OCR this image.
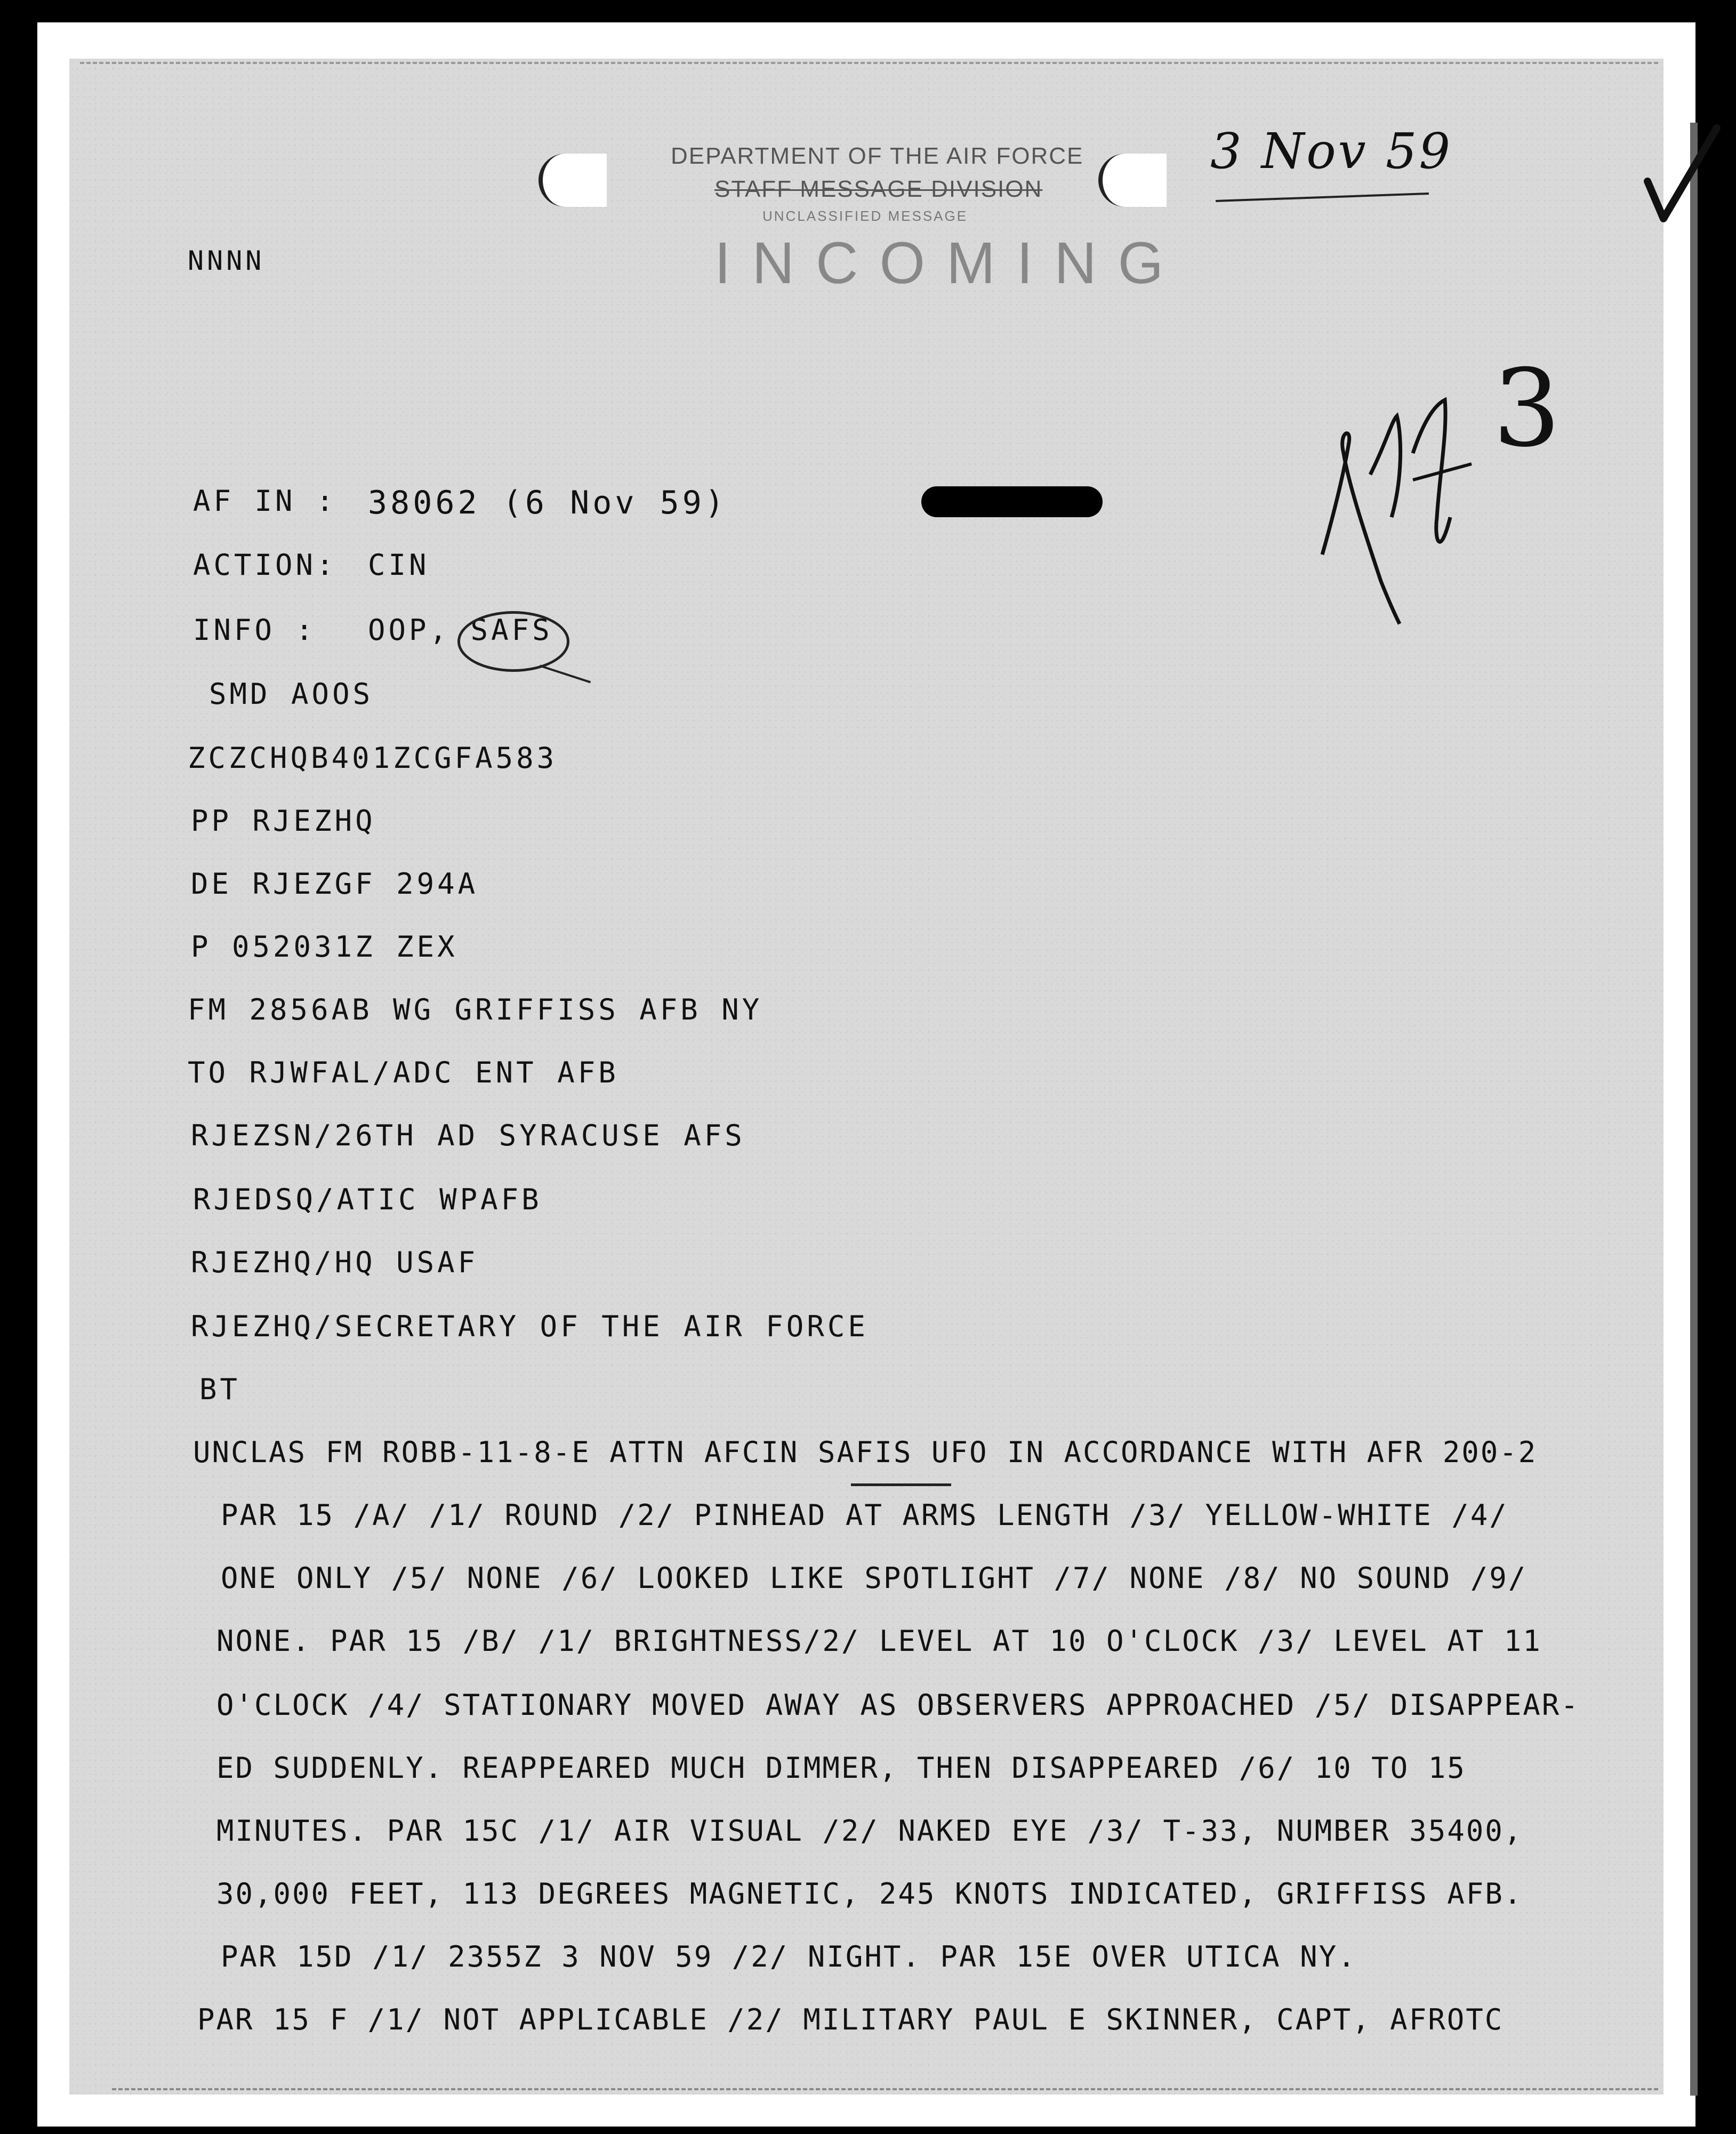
DEPARTMENT OF THE AIR FORCE
STAFF MESSAGE DIVISION
UNCLASSIFIED MESSAGE
INCOMING
3 Nov 59
3
NNNN
AF IN : 38062 (6 Nov 59)
ACTION: CIN
INFO : OOP, SAFS
SMD AOOS
ZCZCHQB401ZCGFA583
PP RJEZHQ
DE RJEZGF 294A
P 052031Z ZEX
FM 2856AB WG GRIFFISS AFB NY
TO RJWFAL/ADC ENT AFB
RJEZSN/26TH AD SYRACUSE AFS
RJEDSQ/ATIC WPAFB
RJEZHQ/HQ USAF
RJEZHQ/SECRETARY OF THE AIR FORCE
BT
UNCLAS FM ROBB-11-8-E ATTN AFCIN SAFIS UFO IN ACCORDANCE WITH AFR 200-2
PAR 15 /A/ /1/ ROUND /2/ PINHEAD AT ARMS LENGTH /3/ YELLOW-WHITE /4/
ONE ONLY /5/ NONE /6/ LOOKED LIKE SPOTLIGHT /7/ NONE /8/ NO SOUND /9/
NONE. PAR 15 /B/ /1/ BRIGHTNESS/2/ LEVEL AT 10 O'CLOCK /3/ LEVEL AT 11
O'CLOCK /4/ STATIONARY MOVED AWAY AS OBSERVERS APPROACHED /5/ DISAPPEAR-
ED SUDDENLY. REAPPEARED MUCH DIMMER, THEN DISAPPEARED /6/ 10 TO 15
MINUTES. PAR 15C /1/ AIR VISUAL /2/ NAKED EYE /3/ T-33, NUMBER 35400,
30,000 FEET, 113 DEGREES MAGNETIC, 245 KNOTS INDICATED, GRIFFISS AFB.
PAR 15D /1/ 2355Z 3 NOV 59 /2/ NIGHT. PAR 15E OVER UTICA NY.
PAR 15 F /1/ NOT APPLICABLE /2/ MILITARY PAUL E SKINNER, CAPT, AFROTC
